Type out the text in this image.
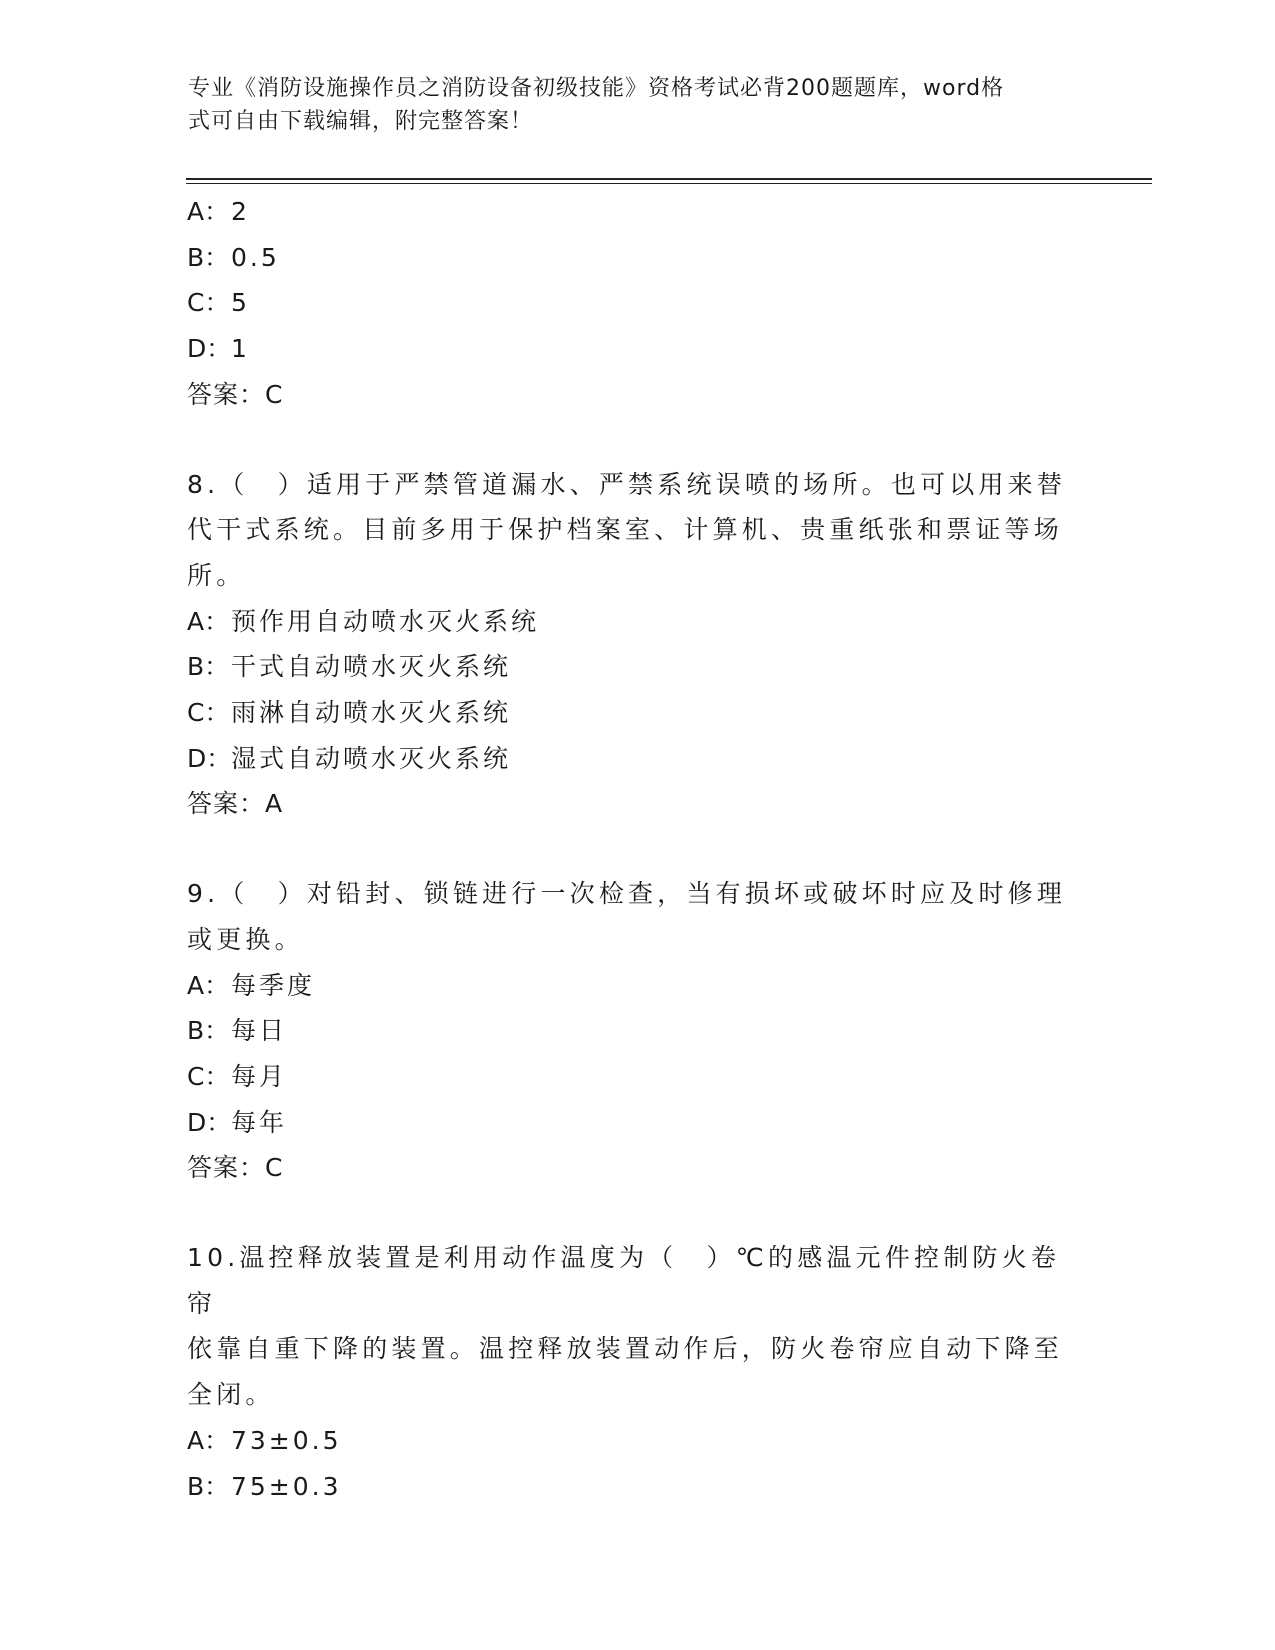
专业《消防设施操作员之消防设备初级技能》资格考试必背200题题库，word格
式可自由下载编辑，附完整答案！
A：2
B：0.5
C：5
D：1
答案：C
8.（　）适用于严禁管道漏水、严禁系统误喷的场所。也可以用来替
代干式系统。目前多用于保护档案室、计算机、贵重纸张和票证等场
所。
A：预作用自动喷水灭火系统
B：干式自动喷水灭火系统
C：雨淋自动喷水灭火系统
D：湿式自动喷水灭火系统
答案：A
9.（　）对铅封、锁链进行一次检查，当有损坏或破坏时应及时修理
或更换。
A：每季度
B：每日
C：每月
D：每年
答案：C
10.温控释放装置是利用动作温度为（　）℃的感温元件控制防火卷帘
依靠自重下降的装置。温控释放装置动作后，防火卷帘应自动下降至
全闭。
A：73±0.5
B：75±0.3
